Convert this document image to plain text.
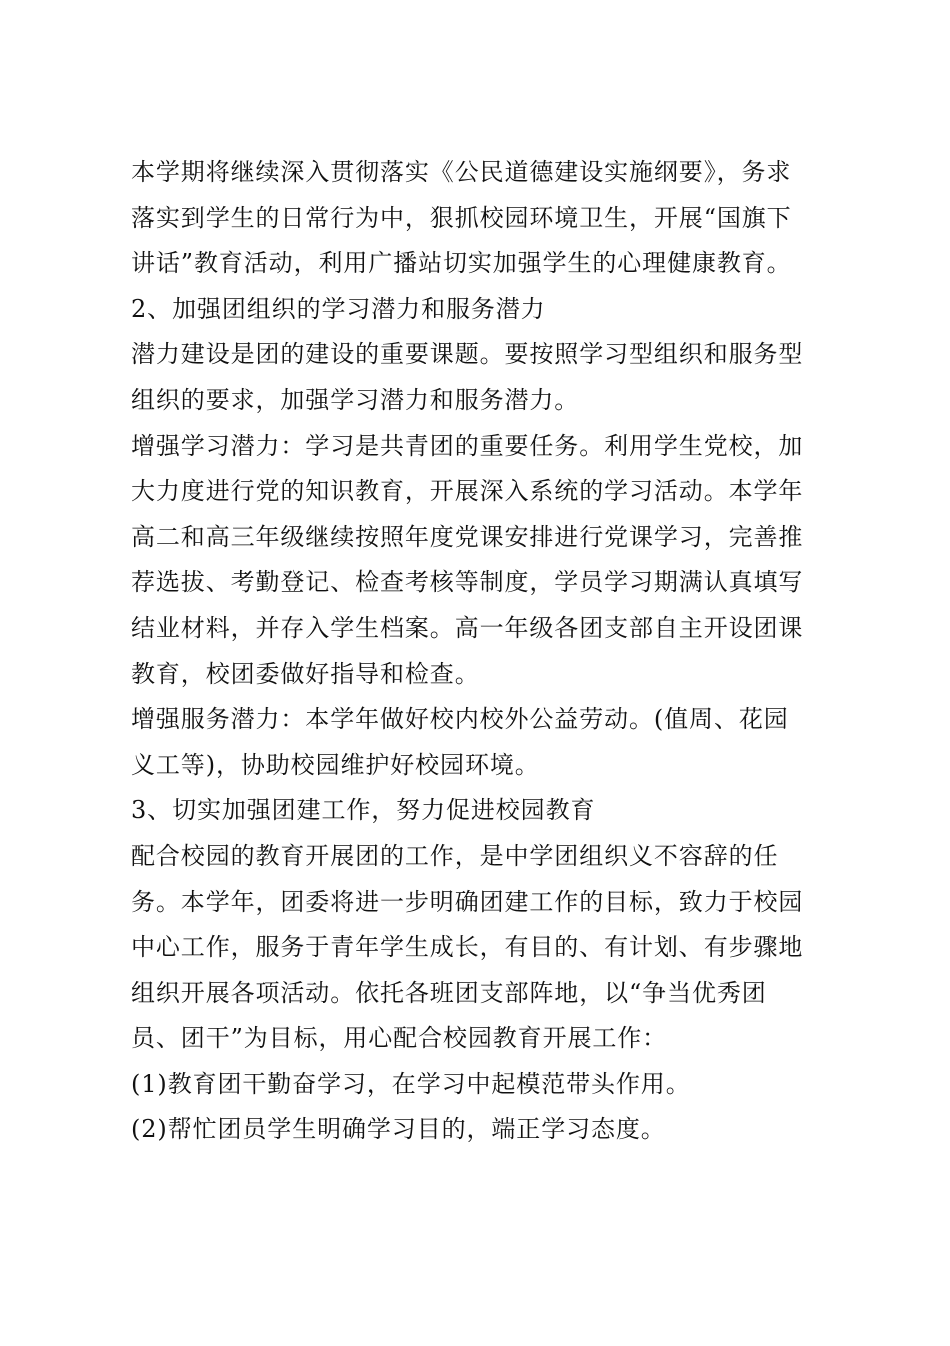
本学期将继续深入贯彻落实《公民道德建设实施纲要》，务求
落实到学生的日常行为中，狠抓校园环境卫生，开展“国旗下
讲话”教育活动，利用广播站切实加强学生的心理健康教育。
2、加强团组织的学习潜力和服务潜力
潜力建设是团的建设的重要课题。要按照学习型组织和服务型
组织的要求，加强学习潜力和服务潜力。
增强学习潜力：学习是共青团的重要任务。利用学生党校，加
大力度进行党的知识教育，开展深入系统的学习活动。本学年
高二和高三年级继续按照年度党课安排进行党课学习，完善推
荐选拔、考勤登记、检查考核等制度，学员学习期满认真填写
结业材料，并存入学生档案。高一年级各团支部自主开设团课
教育，校团委做好指导和检查。
增强服务潜力：本学年做好校内校外公益劳动。(值周、花园
义工等)，协助校园维护好校园环境。
3、切实加强团建工作，努力促进校园教育
配合校园的教育开展团的工作，是中学团组织义不容辞的任
务。本学年，团委将进一步明确团建工作的目标，致力于校园
中心工作，服务于青年学生成长，有目的、有计划、有步骤地
组织开展各项活动。依托各班团支部阵地，以“争当优秀团
员、团干”为目标，用心配合校园教育开展工作：
(1)教育团干勤奋学习，在学习中起模范带头作用。
(2)帮忙团员学生明确学习目的，端正学习态度。
